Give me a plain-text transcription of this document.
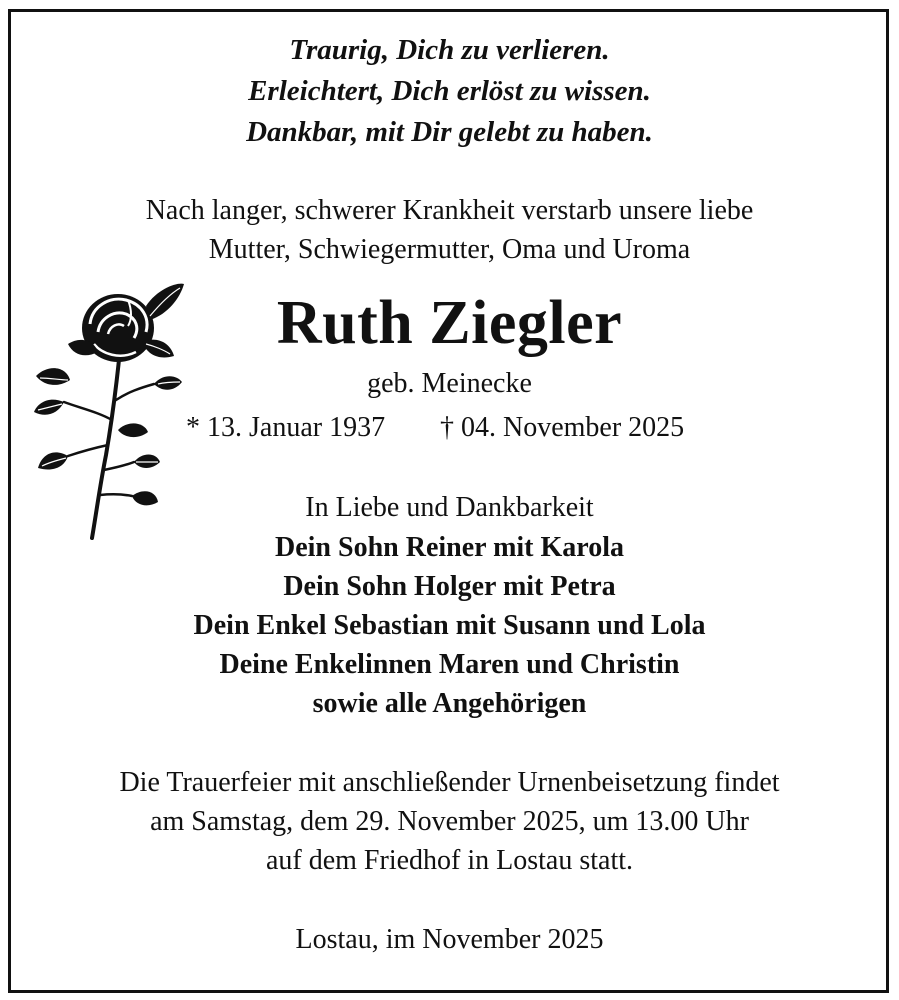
Traurig, Dich zu verlieren.
Erleichtert, Dich erlöst zu wissen.
Dankbar, mit Dir gelebt zu haben.
Nach langer, schwerer Krankheit verstarb unsere liebe
Mutter, Schwiegermutter, Oma und Uroma
Ruth Ziegler
geb. Meinecke
* 13. Januar 1937 † 04. November 2025
In Liebe und Dankbarkeit
Dein Sohn Reiner mit Karola
Dein Sohn Holger mit Petra
Dein Enkel Sebastian mit Susann und Lola
Deine Enkelinnen Maren und Christin
sowie alle Angehörigen
Die Trauerfeier mit anschließender Urnenbeisetzung findet
am Samstag, dem 29. November 2025, um 13.00 Uhr
auf dem Friedhof in Lostau statt.
Lostau, im November 2025
